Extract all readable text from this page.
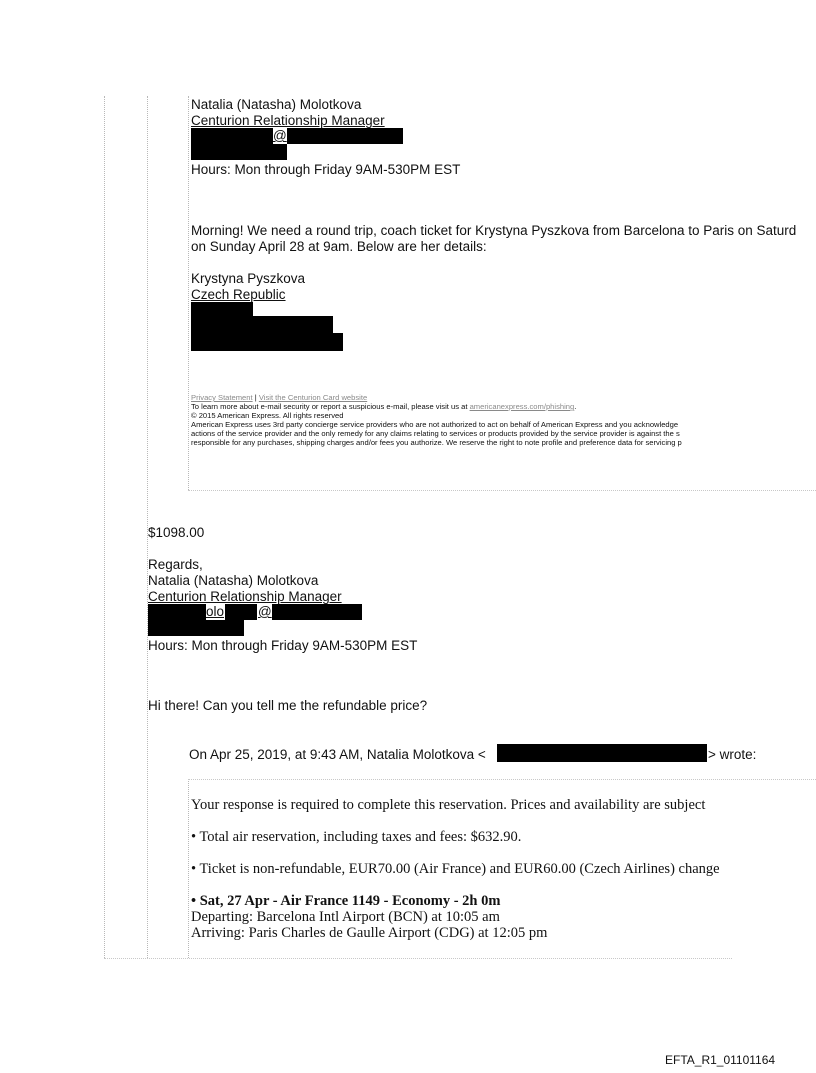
Natalia (Natasha) Molotkova
Centurion Relationship Manager
@
Hours: Mon through Friday 9AM-530PM EST
Morning! We need a round trip, coach ticket for Krystyna Pyszkova from Barcelona to Paris on Saturd
on Sunday April 28 at 9am. Below are her details:
Krystyna Pyszkova
Czech Republic
Privacy Statement | Visit the Centurion Card website
To learn more about e-mail security or report a suspicious e-mail, please visit us at americanexpress.com/phishing.
© 2015 American Express. All rights reserved
American Express uses 3rd party concierge service providers who are not authorized to act on behalf of American Express and you acknowledge
actions of the service provider and the only remedy for any claims relating to services or products provided by the service provider is against the s
responsible for any purchases, shipping charges and/or fees you authorize. We reserve the right to note profile and preference data for servicing p
$1098.00
Regards,
Natalia (Natasha) Molotkova
Centurion Relationship Manager
olo	@
Hours: Mon through Friday 9AM-530PM EST
Hi there! Can you tell me the refundable price?
On Apr 25, 2019, at 9:43 AM, Natalia Molotkova <	> wrote:
Your response is required to complete this reservation. Prices and availability are subject
• Total air reservation, including taxes and fees: $632.90.
• Ticket is non-refundable, EUR70.00 (Air France) and EUR60.00 (Czech Airlines) change
• Sat, 27 Apr - Air France 1149 - Economy - 2h 0m
Departing: Barcelona Intl Airport (BCN) at 10:05 am
Arriving: Paris Charles de Gaulle Airport (CDG) at 12:05 pm
EFTA_R1_01101164
